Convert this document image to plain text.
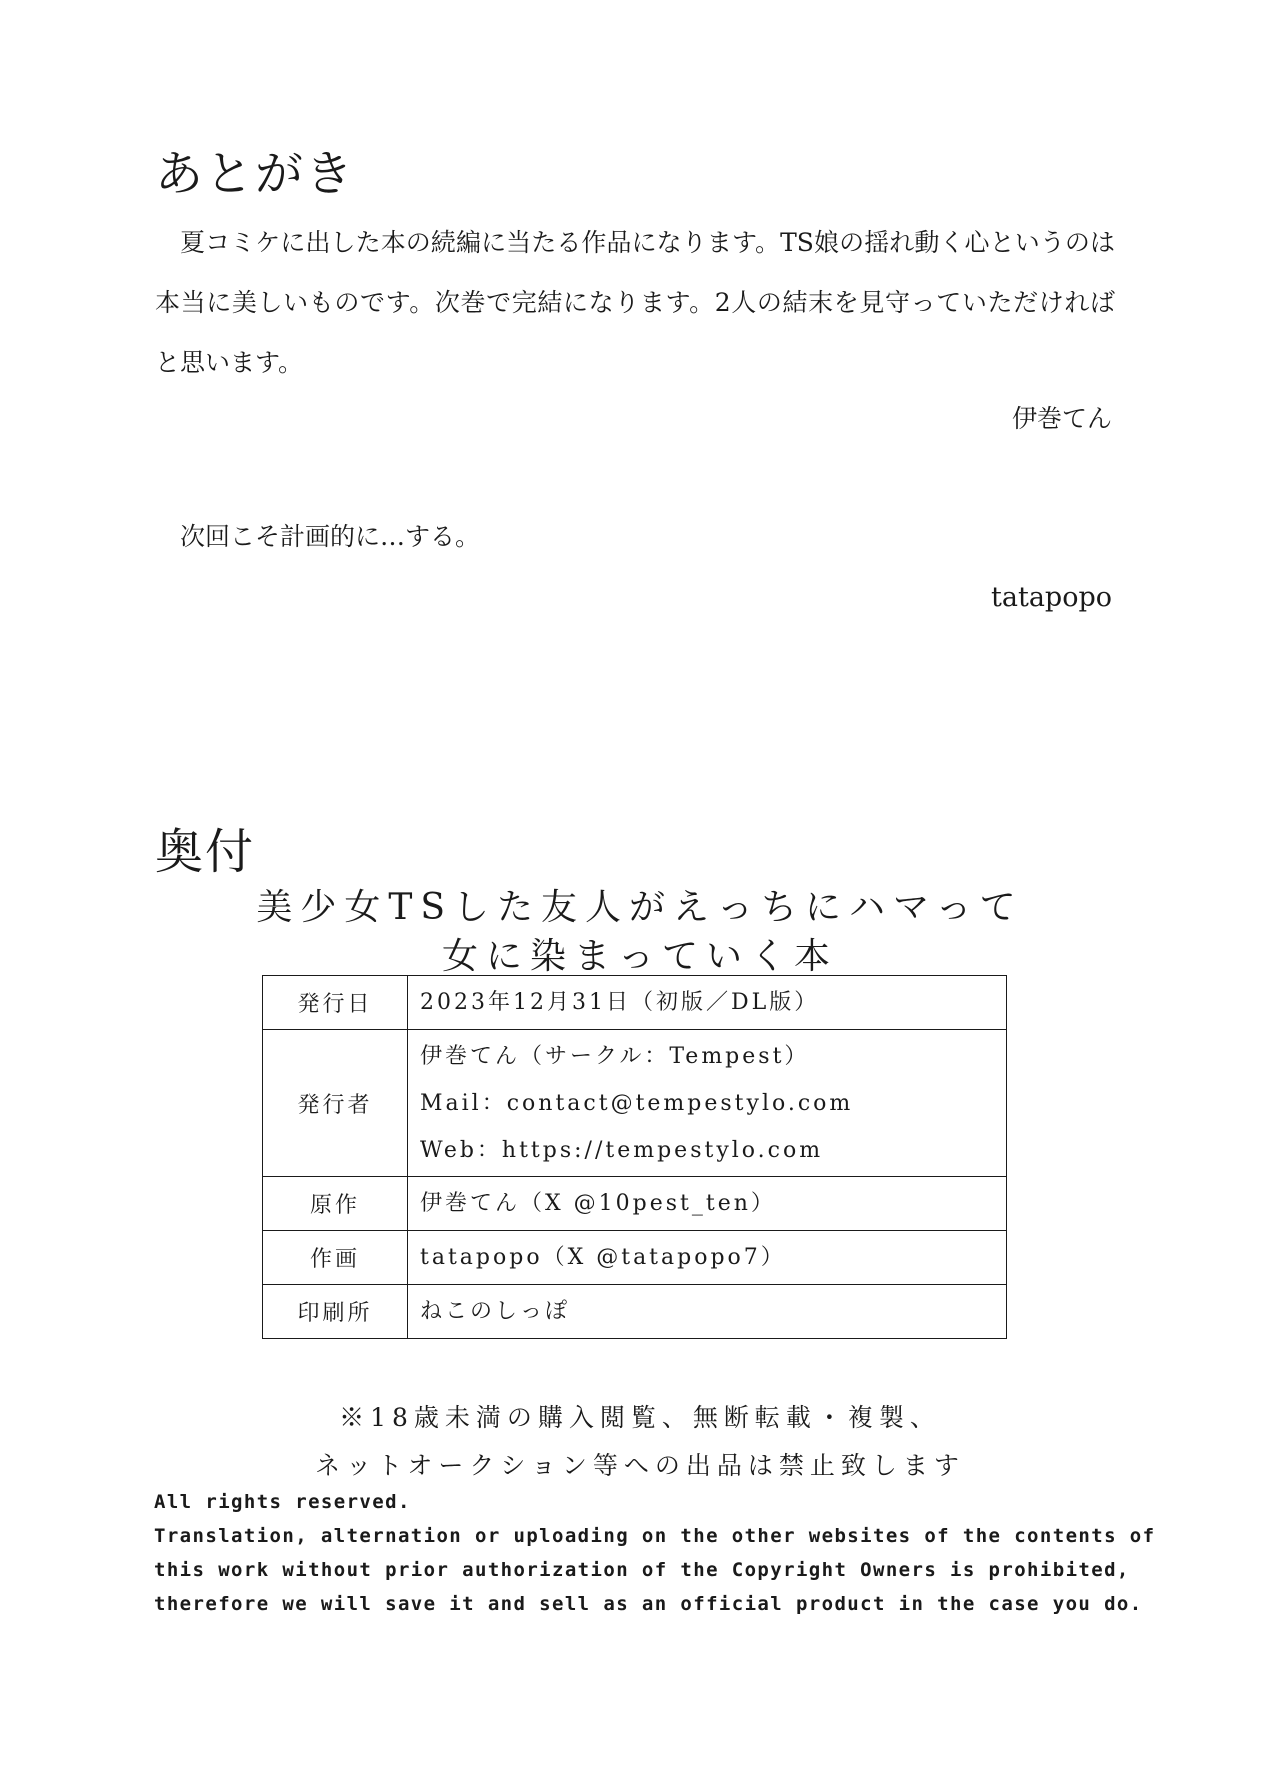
あとがき

夏コミケに出した本の続編に当たる作品になります。TS娘の揺れ動く心というのは本当に美しいものです。次巻で完結になります。2人の結末を見守っていただければと思います。

伊巻てん
次回こそ計画的に…する。
tatapopo
奥付
美少女TSした友人がえっちにハマって
女に染まっていく本
発行日	2023年12月31日（初版／DL版）

発行者	伊巻てん（サークル：Tempest）
Mail：contact@tempestylo.com
Web：https://tempestylo.com

原作	伊巻てん（X @10pest_ten）

作画	tatapopo（X @tatapopo7）

印刷所	ねこのしっぽ
※18歳未満の購入閲覧、無断転載・複製、
ネットオークション等への出品は禁止致します
All rights reserved.
Translation, alternation or uploading on the other websites of the contents of
this work without prior authorization of the Copyright Owners is prohibited,
therefore we will save it and sell as an official product in the case you do.
